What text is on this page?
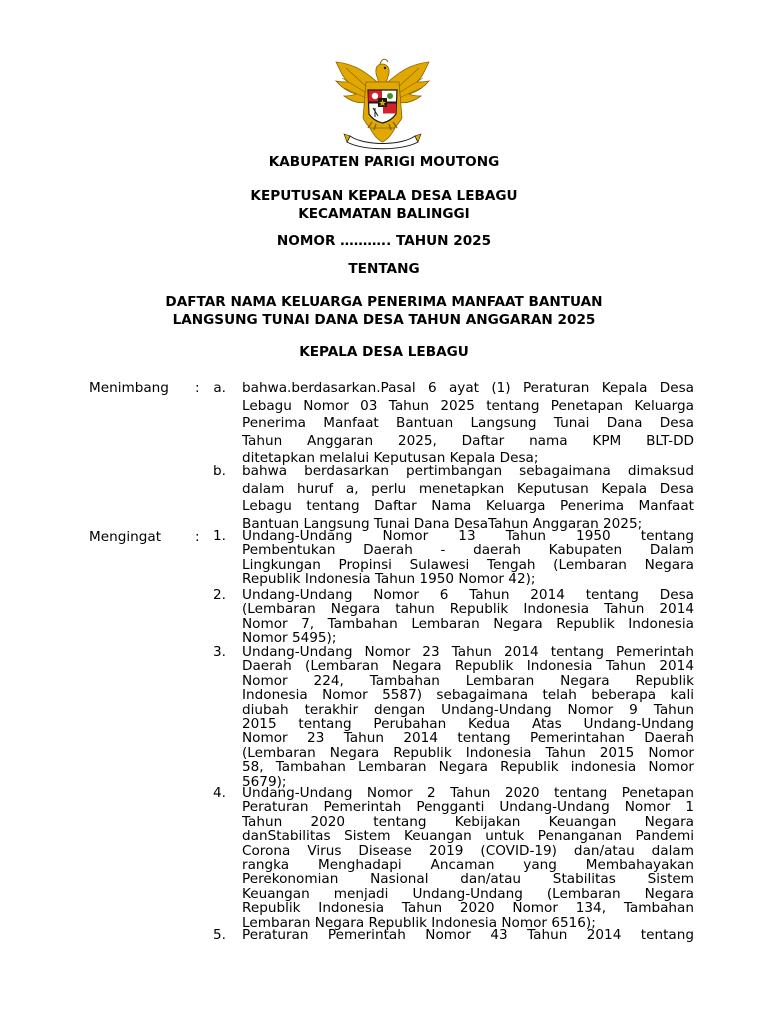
KABUPATEN PARIGI MOUTONG
KEPUTUSAN KEPALA DESA LEBAGU
KECAMATAN BALINGGI
NOMOR ……….. TAHUN 2025
TENTANG
DAFTAR NAMA KELUARGA PENERIMA MANFAAT BANTUAN
LANGSUNG TUNAI DANA DESA TAHUN ANGGARAN 2025
KEPALA DESA LEBAGU
Menimbang :	a. bahwa.berdasarkan.Pasal 6 ayat (1) Peraturan Kepala Desa
Lebagu Nomor 03 Tahun 2025 tentang Penetapan Keluarga
Penerima Manfaat Bantuan Langsung Tunai Dana Desa
Tahun Anggaran 2025, Daftar nama KPM BLT-DD
ditetapkan melalui Keputusan Kepala Desa;
b. bahwa berdasarkan pertimbangan sebagaimana dimaksud
dalam huruf a, perlu menetapkan Keputusan Kepala Desa
Lebagu tentang Daftar Nama Keluarga Penerima Manfaat
Bantuan Langsung Tunai Dana DesaTahun Anggaran 2025;
Mengingat : 1. Undang-Undang Nomor 13 Tahun 1950 tentang
Pembentukan Daerah - daerah Kabupaten Dalam
Lingkungan Propinsi Sulawesi Tengah (Lembaran Negara
Republik Indonesia Tahun 1950 Nomor 42);
2. Undang-Undang Nomor 6 Tahun 2014 tentang Desa
(Lembaran Negara tahun Republik Indonesia Tahun 2014
Nomor 7, Tambahan Lembaran Negara Republik Indonesia
Nomor 5495);
3. Undang-Undang Nomor 23 Tahun 2014 tentang Pemerintah
Daerah (Lembaran Negara Republik Indonesia Tahun 2014
Nomor 224, Tambahan Lembaran Negara Republik
Indonesia Nomor 5587) sebagaimana telah beberapa kali
diubah terakhir dengan Undang-Undang Nomor 9 Tahun
2015 tentang Perubahan Kedua Atas Undang-Undang
Nomor 23 Tahun 2014 tentang Pemerintahan Daerah
(Lembaran Negara Republik Indonesia Tahun 2015 Nomor
58, Tambahan Lembaran Negara Republik indonesia Nomor
5679);
4. Undang-Undang Nomor 2 Tahun 2020 tentang Penetapan
Peraturan Pemerintah Pengganti Undang-Undang Nomor 1
Tahun 2020 tentang Kebijakan Keuangan Negara
danStabilitas Sistem Keuangan untuk Penanganan Pandemi
Corona Virus Disease 2019 (COVID-19) dan/atau dalam
rangka Menghadapi Ancaman yang Membahayakan
Perekonomian Nasional dan/atau Stabilitas Sistem
Keuangan menjadi Undang-Undang (Lembaran Negara
Republik Indonesia Tahun 2020 Nomor 134, Tambahan
Lembaran Negara Republik Indonesia Nomor 6516);
5. Peraturan Pemerintah Nomor 43 Tahun 2014 tentang
